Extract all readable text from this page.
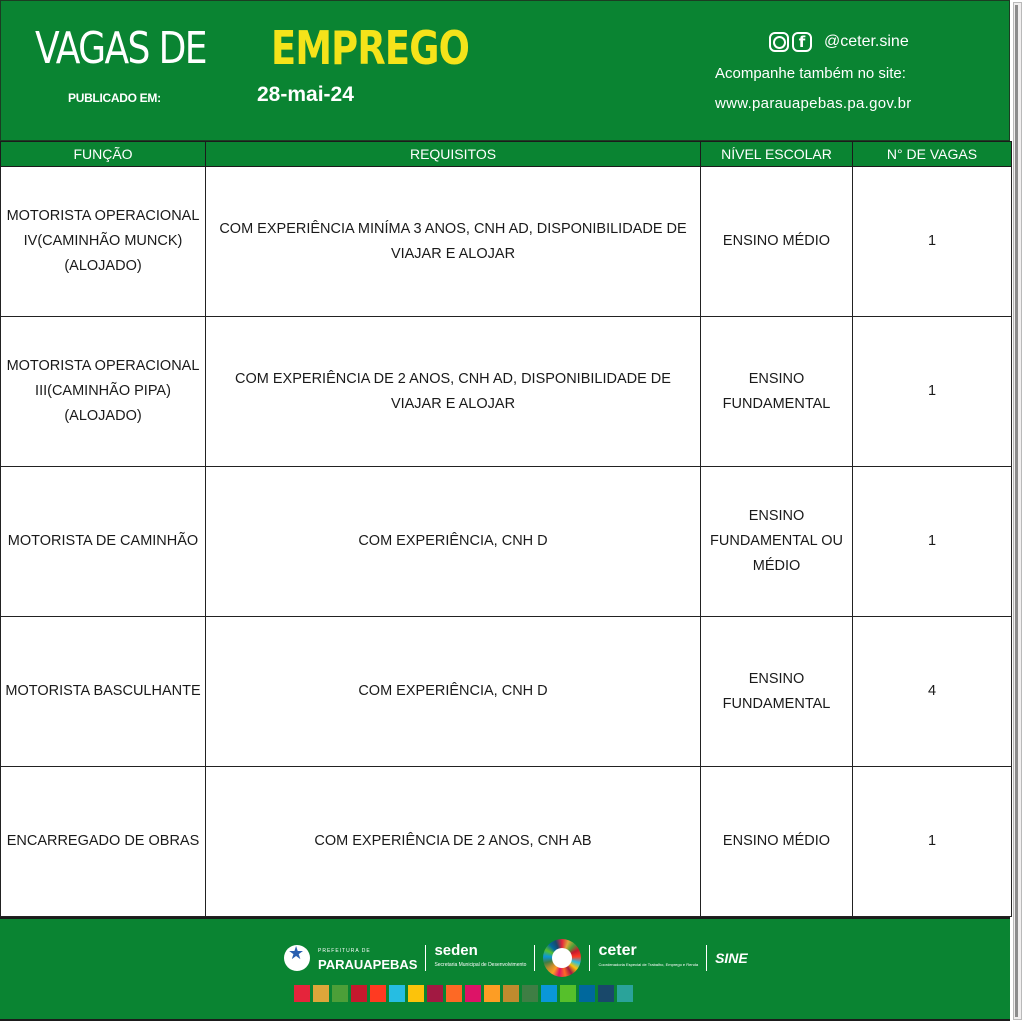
VAGAS DE EMPREGO
PUBLICADO EM:	28-mai-24
f	@ceter.sine
Acompanhe também no site:
www.parauapebas.pa.gov.br
FUNÇÃO	REQUISITOS	NÍVEL ESCOLAR	N° DE VAGAS
MOTORISTA OPERACIONAL IV(CAMINHÃO MUNCK)(ALOJADO)	COM EXPERIÊNCIA MINÍMA 3 ANOS, CNH AD, DISPONIBILIDADE DE VIAJAR E ALOJAR	ENSINO MÉDIO	1
MOTORISTA OPERACIONAL III(CAMINHÃO PIPA) (ALOJADO)	COM EXPERIÊNCIA DE 2 ANOS, CNH AD, DISPONIBILIDADE DE VIAJAR E ALOJAR	ENSINO FUNDAMENTAL	1
MOTORISTA DE CAMINHÃO	COM EXPERIÊNCIA, CNH D	ENSINO FUNDAMENTAL OU MÉDIO	1
MOTORISTA BASCULHANTE	COM EXPERIÊNCIA, CNH D	ENSINO FUNDAMENTAL	4
ENCARREGADO DE OBRAS	COM EXPERIÊNCIA DE 2 ANOS, CNH AB	ENSINO MÉDIO	1
★
PREFEITURA DE
PARAUAPEBAS
seden
Secretaria Municipal de Desenvolvimento
ceter
Coordenadoria Especial de Trabalho, Emprego e Renda SINE
